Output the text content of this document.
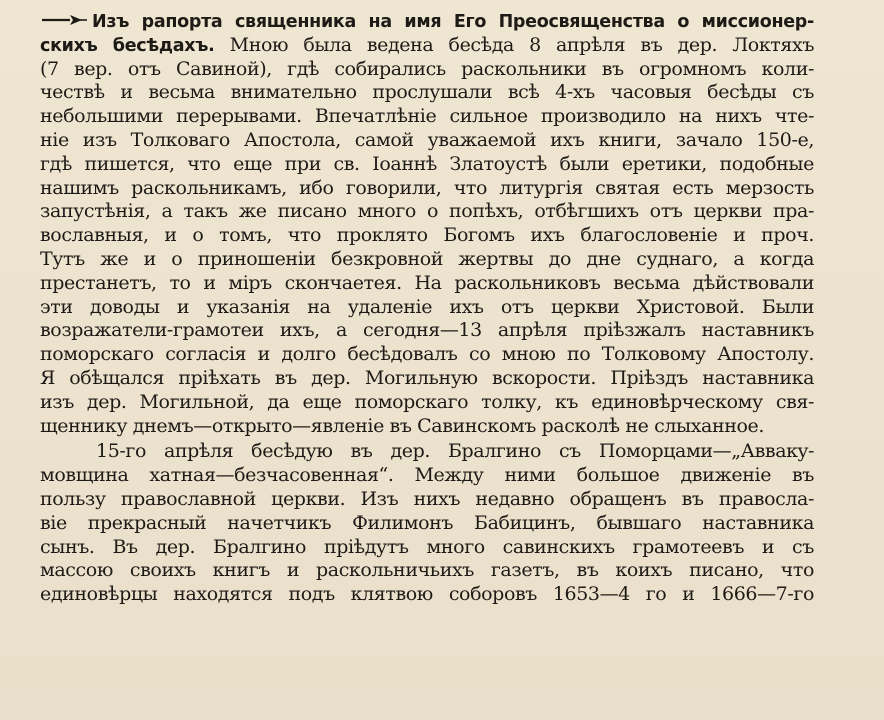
Изъ рапорта священника на имя Его Преосвященства о миссионер-
скихъ бесѣдахъ. Мною была ведена бесѣда 8 апрѣля въ дер. Локтяхъ
(7 вер. отъ Савиной), гдѣ собирались раскольники въ огромномъ коли-
чествѣ и весьма внимательно прослушали всѣ 4-хъ часовыя бесѣды съ
небольшими перерывами. Впечатлѣніе сильное производило на нихъ чте-
ніе изъ Толковаго Апостола, самой уважаемой ихъ книги, зачало 150-е,
гдѣ пишется, что еще при св. Іоаннѣ Златоустѣ были еретики, подобные
нашимъ раскольникамъ, ибо говорили, что литургія святая есть мерзость
запустѣнія, а такъ же писано много о попѣхъ, отбѣгшихъ отъ церкви пра-
вославныя, и о томъ, что проклято Богомъ ихъ благословеніе и проч.
Тутъ же и о приношеніи безкровной жертвы до дне суднаго, а когда
престанетъ, то и міръ скончаетея. На раскольниковъ весьма дѣйствовали
эти доводы и указанія на удаленіе ихъ отъ церкви Христовой. Были
возражатели-грамотеи ихъ, а сегодня—13 апрѣля пріѣзжалъ наставникъ
поморскаго согласія и долго бесѣдовалъ со мною по Толковому Апостолу.
Я обѣщался пріѣхать въ дер. Могильную вскорости. Пріѣздъ наставника
изъ дер. Могильной, да еще поморскаго толку, къ единовѣрческому свя-
щеннику днемъ—открыто—явленіе въ Савинскомъ расколѣ не слыханное.
15-го апрѣля бесѣдую въ дер. Бралгино съ Поморцами—„Аввакy-
мовщина хатная—безчасовенная“. Между ними большое движеніе въ
пользу православной церкви. Изъ нихъ недавно обращенъ въ правосла-
віе прекрасный начетчикъ Филимонъ Бабицинъ, бывшаго наставника
сынъ. Въ дер. Бралгино пріѣдутъ много савинскихъ грамотеевъ и съ
массою своихъ книгъ и раскольничьихъ газетъ, въ коихъ писано, что
единовѣрцы находятся подъ клятвою соборовъ 1653—4 го и 1666—7-го
